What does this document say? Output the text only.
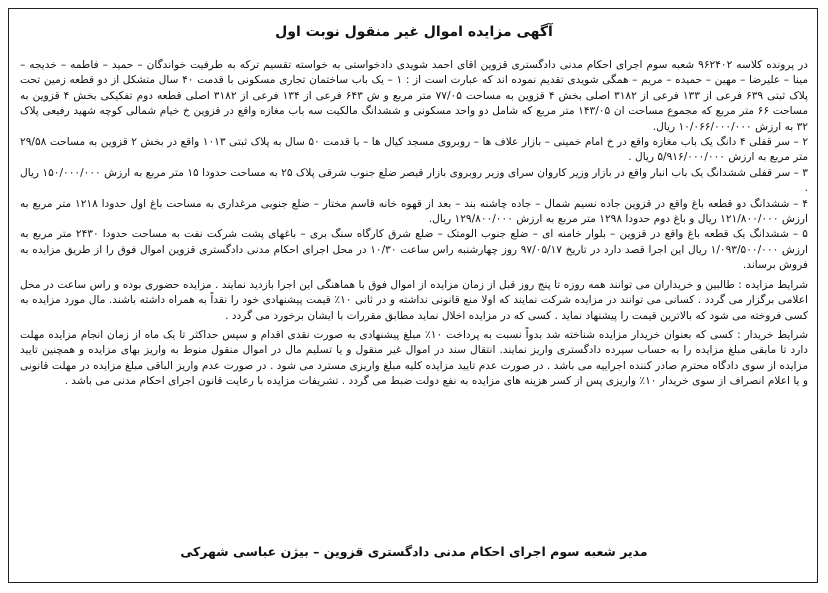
آگهی مزایده اموال غیر منقول نوبت اول

در پرونده کلاسه ۹۶۲۴۰۲ شعبه سوم اجرای احکام مدنی دادگستری قزوین اقای احمد شویدی دادخواستی به خواسته تقسیم ترکه به طرفیت خواندگان – حمید – فاطمه – خدیجه – مینا – علیرضا – مهین – حمیده – مریم – همگی شویدی تقدیم نموده اند که عبارت است از : ۱ – یک باب ساختمان تجاری مسکونی با قدمت ۴۰ سال متشکل از دو قطعه زمین تحت پلاک ثبتی ۶۳۹ فرعی از ۱۳۳ فرعی از ۳۱۸۲ اصلی بخش ۴ قزوین به مساحت ۷۷/۰۵ متر مربع و ش ۶۴۳ فرعی از ۱۳۴ فرعی از ۳۱۸۲ اصلی قطعه دوم تفکیکی بخش ۴ قزوین به مساحت ۶۶ متر مربع که مجموع مساحت ان ۱۴۳/۰۵ متر مربع که شامل دو واحد مسکونی و ششدانگ مالکیت سه باب مغازه واقع در قزوین خ خیام شمالی کوچه شهید رفیعی پلاک ۳۲ به ارزش ۱۰/۰۶۶/۰۰۰/۰۰۰ ریال.

۲ – سر قفلی ۴ دانگ یک باب مغازه واقع در خ امام خمینی – بازار علاف ها – روبروی مسجد کیال ها – با قدمت ۵۰ سال به پلاک ثبتی ۱۰۱۳ واقع در بخش ۲ قزوین به مساحت ۲۹/۵۸ متر مربع به ارزش ۵/۹۱۶/۰۰۰/۰۰۰ ریال .

۳ – سر قفلی ششدانگ یک باب انبار واقع در بازار وزیر کاروان سرای وزیر روبروی بازار قیصر ضلع جنوب شرقی پلاک ۲۵ به مساحت حدودا ۱۵ متر مربع به ارزش ۱۵۰/۰۰۰/۰۰۰ ریال .

۴ – ششدانگ دو قطعه باغ واقع در قزوین جاده نسیم شمال – جاده چاشنه بند – بعد از قهوه خانه قاسم مختار – ضلع جنوبی مرغداری به مساحت باغ اول حدودا ۱۲۱۸ متر مربع به ارزش ۱۲۱/۸۰۰/۰۰۰ ریال و باغ دوم حدودا ۱۲۹۸ متر مربع به ارزش ۱۲۹/۸۰۰/۰۰۰ ریال.

۵ – ششدانگ یک قطعه باغ واقع در قزوین – بلوار خامنه ای – ضلع جنوب الومتک – ضلع شرق کارگاه سنگ بری – باغهای پشت شرکت نفت به مساحت حدودا ۲۴۳۰ متر مربع به ارزش ۱/۰۹۳/۵۰۰/۰۰۰ ریال این اجرا قصد دارد در تاریخ ۹۷/۰۵/۱۷ روز چهارشنبه راس ساعت ۱۰/۳۰ در محل اجرای احکام مدنی دادگستری قزوین اموال فوق را از طریق مزایده به فروش برساند.

شرایط مزایده : طالبین و خریداران می توانند همه روزه تا پنج روز قبل از زمان مزایده از اموال فوق با هماهنگی این اجرا بازدید نمایند . مزایده حضوری بوده و راس ساعت در محل اعلامی برگزار می گردد . کسانی می توانند در مزایده شرکت نمایند که اولا منع قانونی نداشته و در ثانی ۱۰٪ قیمت پیشنهادی خود را نقداً به همراه داشته باشند. مال مورد مزایده به کسی فروخته می شود که بالاترین قیمت را پیشنهاد نماید . کسی که در مزایده اخلال نماید مطابق مقررات با ایشان برخورد می گردد .

شرایط خریدار : کسی که بعنوان خریدار مزایده شناخته شد بدواً نسبت به پرداخت ۱۰٪ مبلغ پیشنهادی به صورت نقدی اقدام و سپس حداکثر تا یک ماه از زمان انجام مزایده مهلت دارد تا مابقی مبلغ مزایده را به حساب سپرده دادگستری واریز نمایند. انتقال سند در اموال غیر منقول و یا تسلیم مال در اموال منقول منوط به واریز بهای مزایده و همچنین تایید مزایده از سوی دادگاه محترم صادر کننده اجراییه می باشد . در صورت عدم تایید مزایده کلیه مبلغ واریزی مسترد می شود . در صورت عدم واریز الباقی مبلغ مزایده در مهلت قانونی و یا اعلام انصراف از سوی خریدار ۱۰٪ واریزی پس از کسر هزینه های مزایده به نفع دولت ضبط می گردد . تشریفات مزایده با رعایت قانون اجرای احکام مدنی می باشد .

مدیر شعبه سوم اجرای احکام مدنی دادگستری قزوین – بیژن عباسی شهرکی
